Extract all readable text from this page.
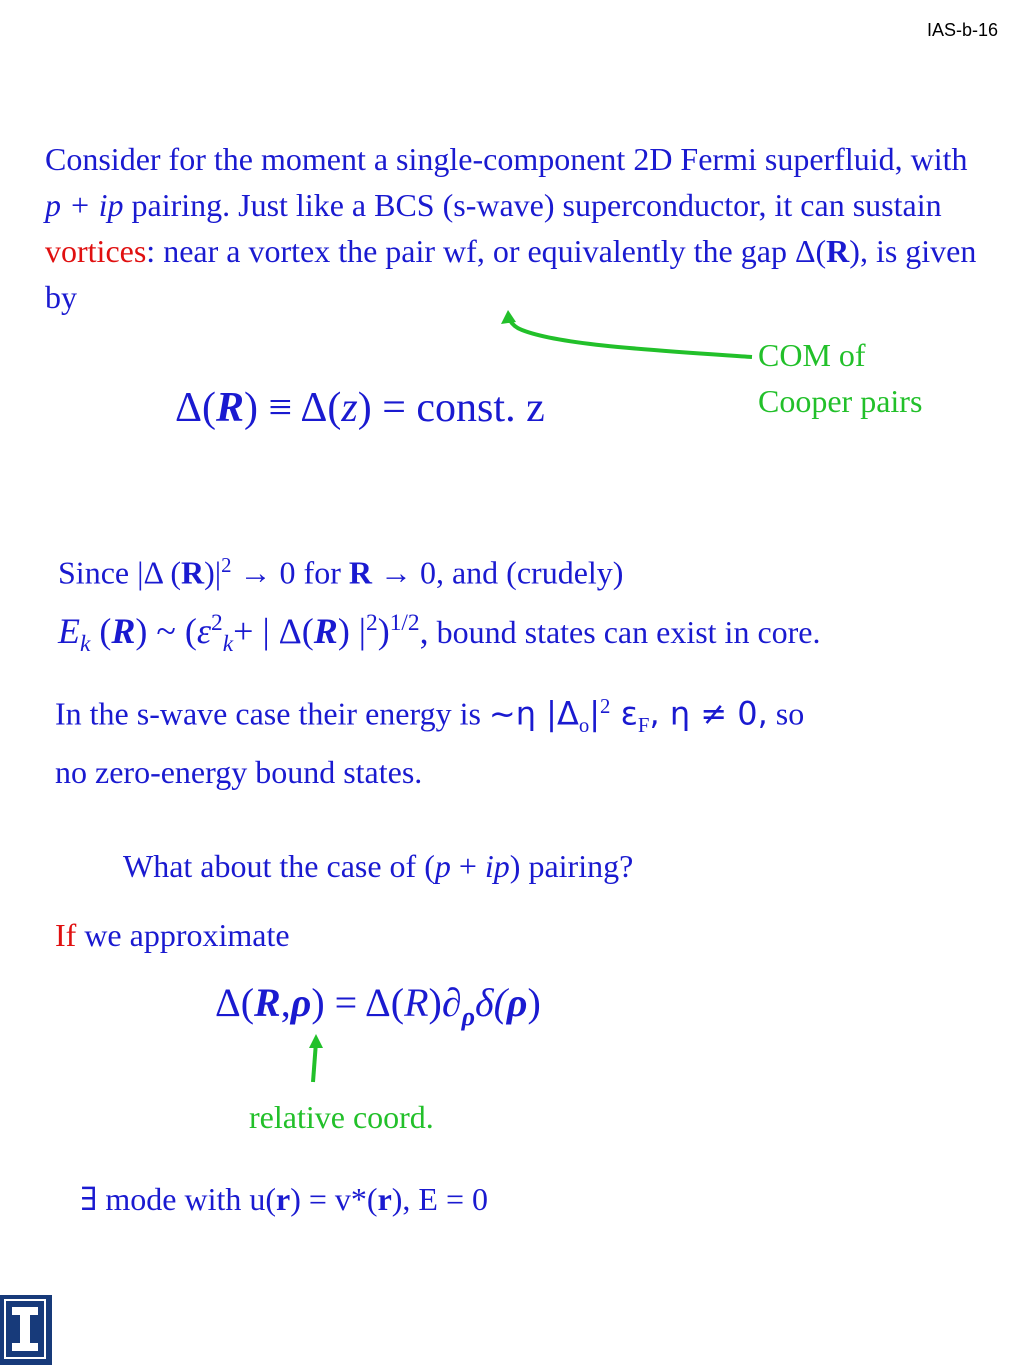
IAS-b-16
Consider for the moment a single-component 2D Fermi superfluid, with p + ip pairing. Just like a BCS (s-wave) superconductor, it can sustain vortices: near a vortex the pair wf, or equivalently the gap Δ(R), is given by
COM of
Cooper pairs
Δ(R) ≡ Δ(z) = const. z
Since |Δ $(R)|^2 \to 0$ for R → 0, and (crudely)
$E_k$ (R) ~ ($\varepsilon^2_k+$ | Δ(R) $|^2)^{1/2}$, bound states can exist in core.
In the s-wave case their energy is ~η $|\Delta_o|^2$ $\varepsilon_F$, η ≠ 0, so
no zero-energy bound states.
What about the case of (p + ip) pairing?
If we approximate
$\Delta(R,\rho) = \Delta(R)\partial_\rho\delta(\rho)$
relative coord.
∃ mode with u(r) = v*(r), E = 0
